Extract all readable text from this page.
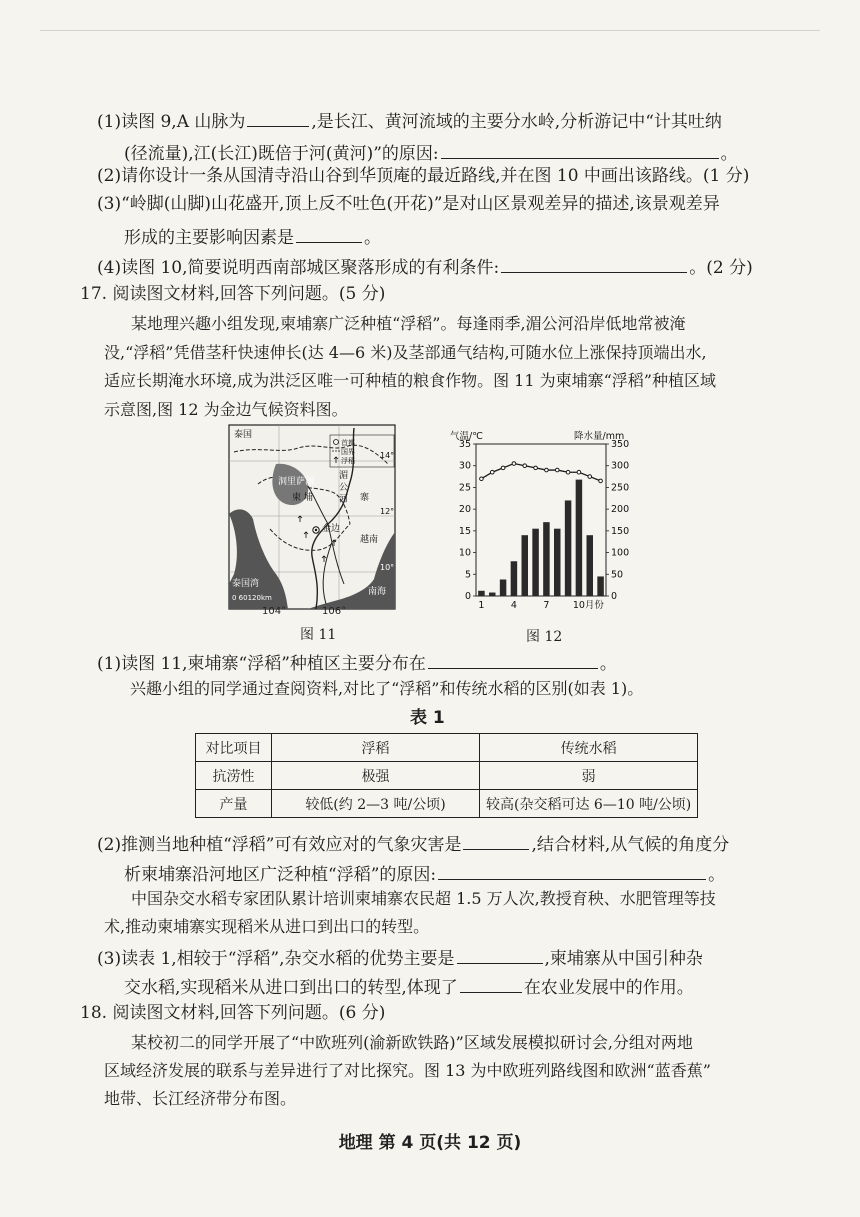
(1)读图 9,A 山脉为	,是长江、黄河流域的主要分水岭,分析游记中“计其吐纳
(径流量),江(长江)既倍于河(黄河)”的原因:	。
(2)请你设计一条从国清寺沿山谷到华顶庵的最近路线,并在图 10 中画出该路线。(1 分)
(3)“岭脚(山脚)山花盛开,顶上反不吐色(开花)”是对山区景观差异的描述,该景观差异
形成的主要影响因素是	。
(4)读图 10,简要说明西南部城区聚落形成的有利条件:	。(2 分)
17. 阅读图文材料,回答下列问题。(5 分)
某地理兴趣小组发现,柬埔寨广泛种植“浮稻”。每逢雨季,湄公河沿岸低地常被淹
没,“浮稻”凭借茎秆快速伸长(达 4—6 米)及茎部通气结构,可随水位上涨保持顶端出水,
适应长期淹水环境,成为洪泛区唯一可种植的粮食作物。图 11 为柬埔寨“浮稻”种植区域
示意图,图 12 为金边气候资料图。
泰国
首都
国界
浮稻
洞里萨湖
柬 埔	湄 公 河 寨
金边
越南
泰国湾
0 60120km
南海
14°
12°
10°
104°	106°
图 11
气温/℃	降水量/mm
0
5
10
15
20
25
30
35
0
50
100
150
200
250
300
350
1	4	7 10 月份
图 12
(1)读图 11,柬埔寨“浮稻”种植区主要分布在	。
兴趣小组的同学通过查阅资料,对比了“浮稻”和传统水稻的区别(如表 1)。
表 1
对比项目	浮稻	传统水稻
抗涝性	极强	弱
产量	较低(约 2—3 吨/公顷)	较高(杂交稻可达 6—10 吨/公顷)
(2)推测当地种植“浮稻”可有效应对的气象灾害是	,结合材料,从气候的角度分
析柬埔寨沿河地区广泛种植“浮稻”的原因:	。
中国杂交水稻专家团队累计培训柬埔寨农民超 1.5 万人次,教授育秧、水肥管理等技
术,推动柬埔寨实现稻米从进口到出口的转型。
(3)读表 1,相较于“浮稻”,杂交水稻的优势主要是	,柬埔寨从中国引种杂
交水稻,实现稻米从进口到出口的转型,体现了	在农业发展中的作用。
18. 阅读图文材料,回答下列问题。(6 分)
某校初二的同学开展了“中欧班列(渝新欧铁路)”区域发展模拟研讨会,分组对两地
区域经济发展的联系与差异进行了对比探究。图 13 为中欧班列路线图和欧洲“蓝香蕉”
地带、长江经济带分布图。
地理 第 4 页(共 12 页)
